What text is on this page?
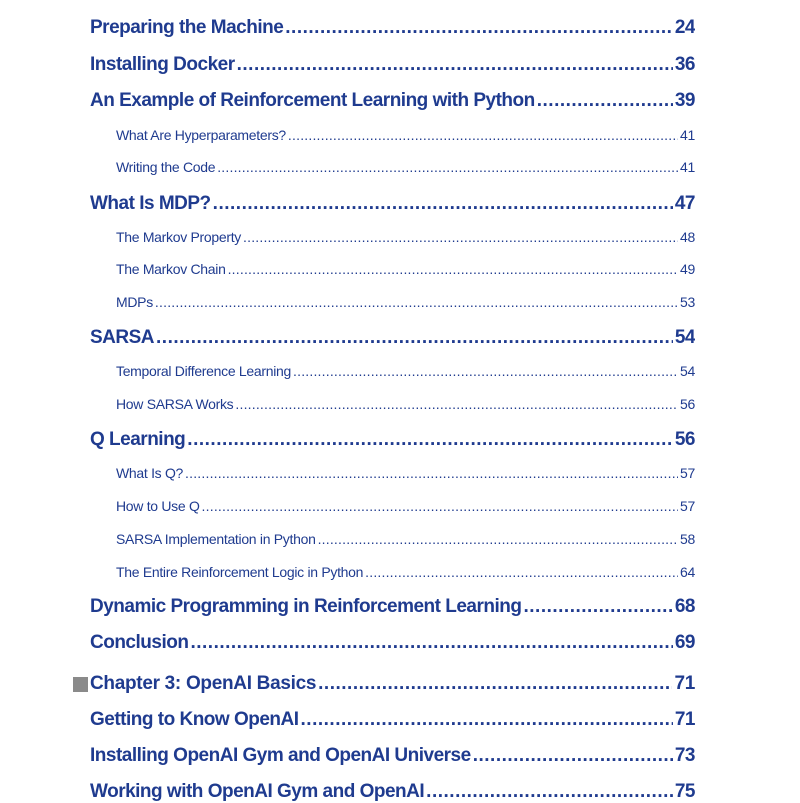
Preparing the Machine .....	24
Installing Docker .....	36
An Example of Reinforcement Learning with Python .....	39
What Are Hyperparameters? .....	41
Writing the Code .....	41
What Is MDP? .....	47
The Markov Property .....	48
The Markov Chain .....	49
MDPs .....	53
SARSA .....	54
Temporal Difference Learning .....	54
How SARSA Works .....	56
Q Learning .....	56
What Is Q? .....	57
How to Use Q .....	57
SARSA Implementation in Python .....	58
The Entire Reinforcement Logic in Python .....	64
Dynamic Programming in Reinforcement Learning .....	68
Conclusion .....	69
Chapter 3: OpenAI Basics .....	71
Getting to Know OpenAI .....	71
Installing OpenAI Gym and OpenAI Universe .....	73
Working with OpenAI Gym and OpenAI .....	75
